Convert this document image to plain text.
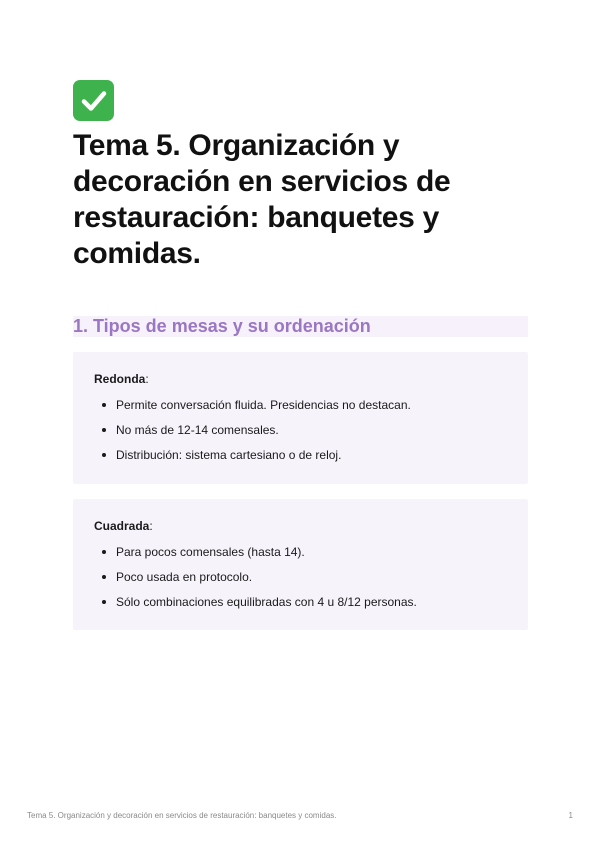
Tema 5. Organización y decoración en servicios de restauración: banquetes y comidas.
1. Tipos de mesas y su ordenación
Redonda:
Permite conversación fluida. Presidencias no destacan.
No más de 12-14 comensales.
Distribución: sistema cartesiano o de reloj.
Cuadrada:
Para pocos comensales (hasta 14).
Poco usada en protocolo.
Sólo combinaciones equilibradas con 4 u 8/12 personas.
Tema 5. Organización y decoración en servicios de restauración: banquetes y comidas.	1
